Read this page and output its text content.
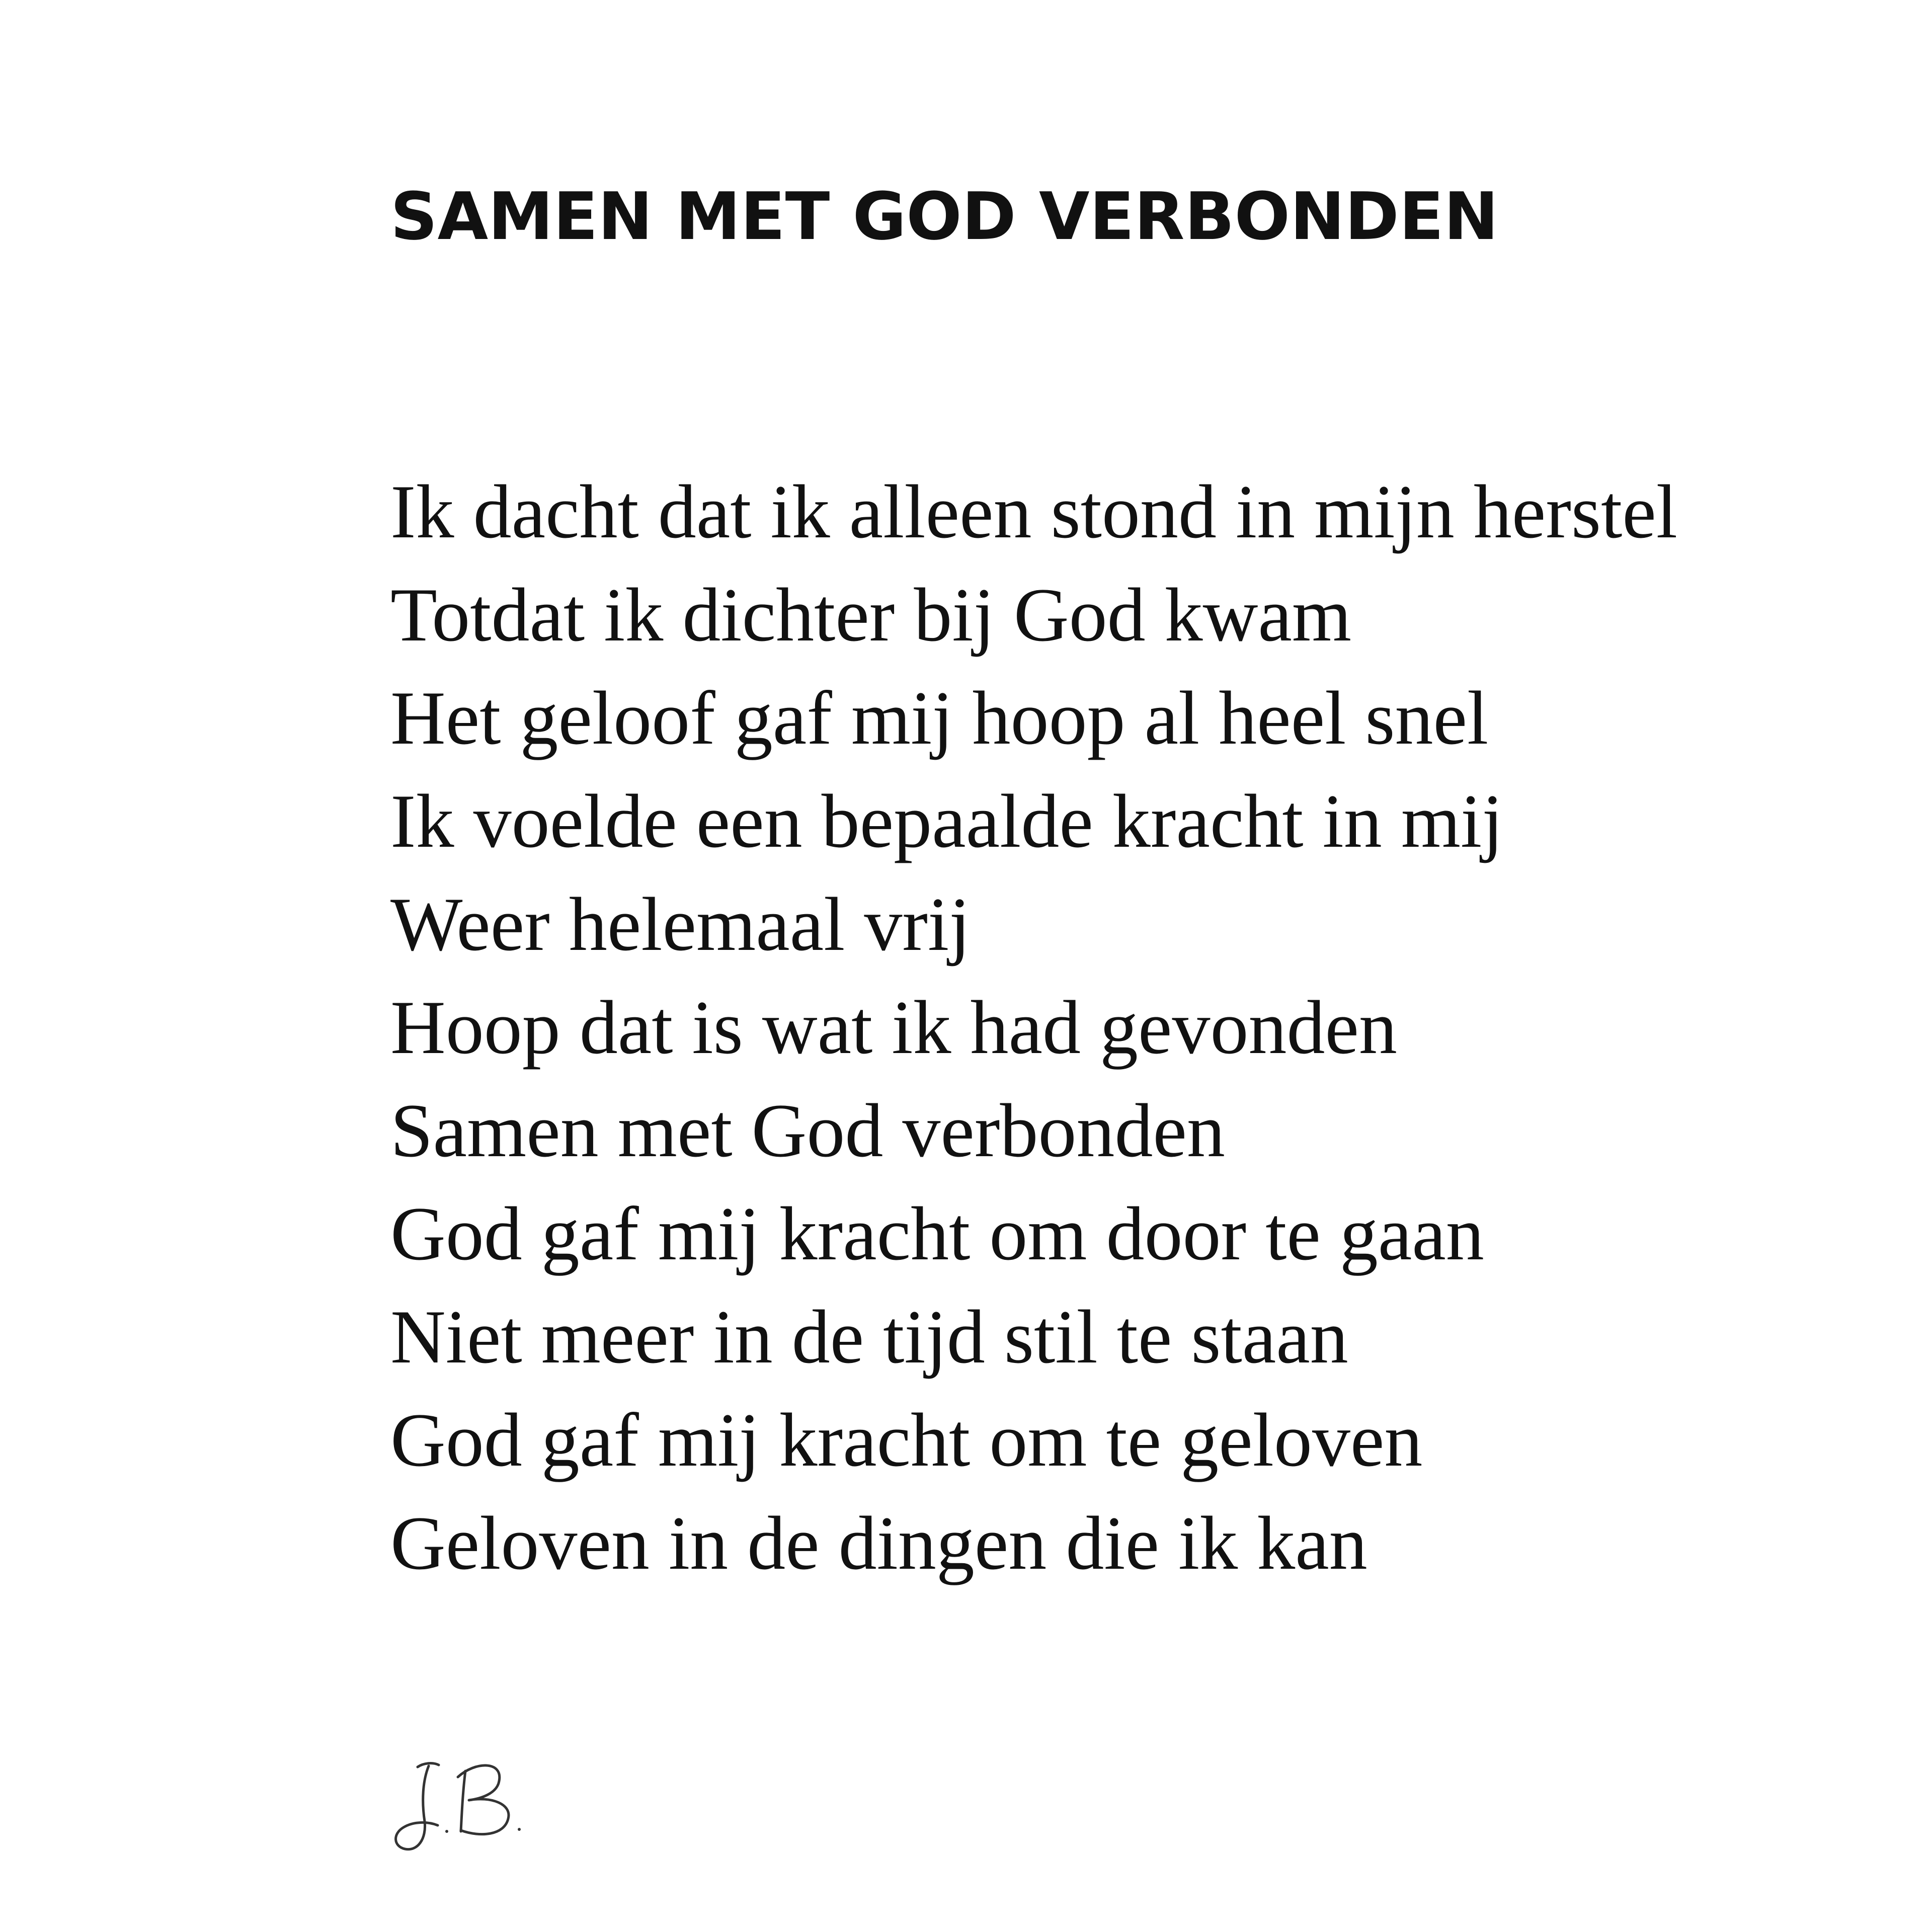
SAMEN MET GOD VERBONDEN
Ik dacht dat ik alleen stond in mijn herstel
Totdat ik dichter bij God kwam
Het geloof gaf mij hoop al heel snel
Ik voelde een bepaalde kracht in mij
Weer helemaal vrij
Hoop dat is wat ik had gevonden
Samen met God verbonden
God gaf mij kracht om door te gaan
Niet meer in de tijd stil te staan
God gaf mij kracht om te geloven
Geloven in de dingen die ik kan
